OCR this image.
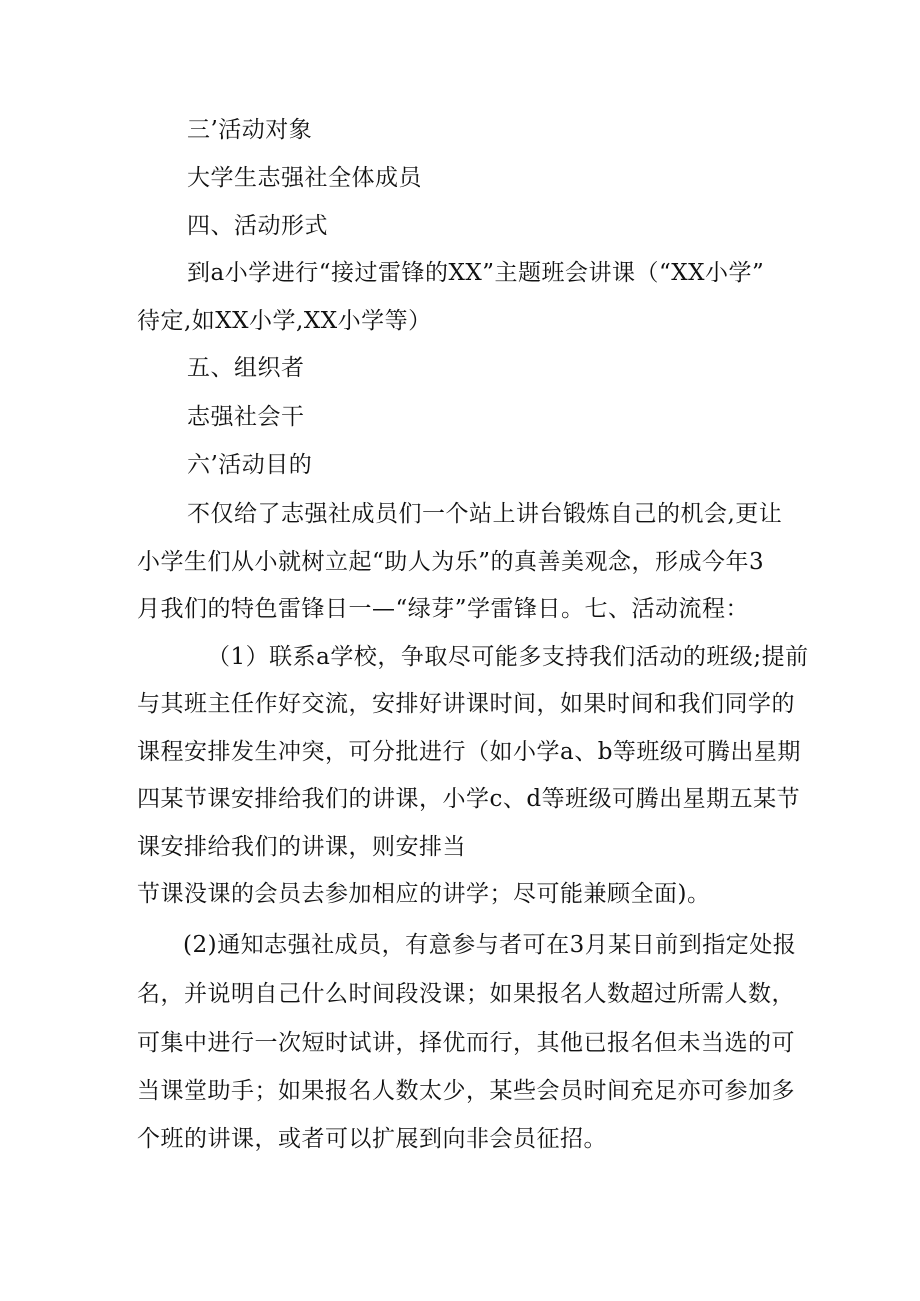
三’活动对象
大学生志强社全体成员
四、活动形式
到a小学进行“接过雷锋的XX”主题班会讲课（“XX小学”
待定,如XX小学,XX小学等）
五、组织者
志强社会干
六’活动目的
不仅给了志强社成员们一个站上讲台锻炼自己的机会,更让
小学生们从小就树立起“助人为乐”的真善美观念，形成今年3
月我们的特色雷锋日一—“绿芽”学雷锋日。七、活动流程：
（1）联系a学校，争取尽可能多支持我们活动的班级;提前
与其班主任作好交流，安排好讲课时间，如果时间和我们同学的
课程安排发生冲突，可分批进行（如小学a、b等班级可腾出星期
四某节课安排给我们的讲课，小学c、d等班级可腾出星期五某节
课安排给我们的讲课，则安排当
节课没课的会员去参加相应的讲学；尽可能兼顾全面)。
(2)通知志强社成员，有意参与者可在3月某日前到指定处报
名，并说明自己什么时间段没课；如果报名人数超过所需人数，
可集中进行一次短时试讲，择优而行，其他已报名但未当选的可
当课堂助手；如果报名人数太少，某些会员时间充足亦可参加多
个班的讲课，或者可以扩展到向非会员征招。
